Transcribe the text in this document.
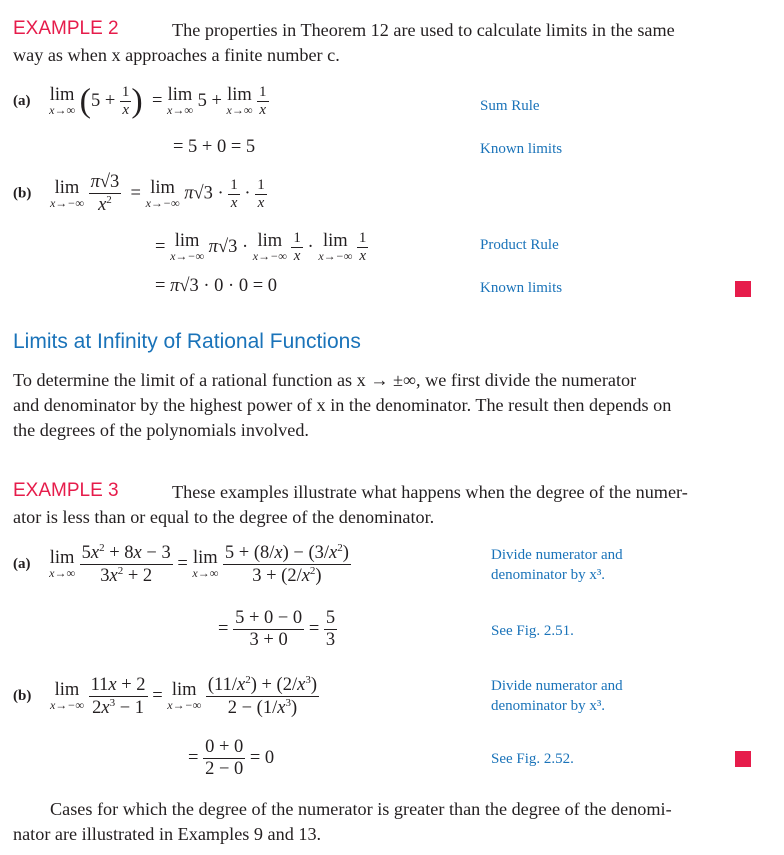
EXAMPLE 2	The properties in Theorem 12 are used to calculate limits in the same
way as when x approaches a finite number c.
(a) lim
x→∞ ($5 + \frac{1}{x}$ )  = lim
x→∞ 5 + lim
x→∞
$\frac{1}{x}$
= 5 + 0 = 5
(b) lim
x→−∞
$\frac{\pi√3}{x^2} = \lim$
x→−∞ $\pi√3 \cdot \frac{1}{x} \cdot \frac{1}{x}$
= lim
x→−∞ π√3 · lim
x→−∞
$\frac{1}{x} \cdot \lim$
x→−∞
$\frac{1}{x}$
= π√3 · 0 · 0 = 0
Sum Rule
Known limits
Product Rule
Known limits
Limits at Infinity of Rational Functions
To determine the limit of a rational function as x → ±∞, we first divide the numerator
and denominator by the highest power of x in the denominator. The result then depends on
the degrees of the polynomials involved.
EXAMPLE 3	These examples illustrate what happens when the degree of the numer-
ator is less than or equal to the degree of the denominator.
(a) lim
x→∞
$\frac{5x^2 + 8x - 3}{3x^2 + 2} = \lim$
x→∞
$\frac{5 + (8/x) - (3/x^2)}{3 + (2/x^2)}$
= $\frac{5 + 0 - 0}{3 + 0} = \frac{5}{3}$
(b) lim
x→−∞
$\frac{11x + 2}{2x^3 - 1} = \lim$
x→−∞
$\frac{(11/x^2) + (2/x^3)}{2 - (1/x^3)}$
= $\frac{0 + 0}{2 - 0} = 0$
Divide numerator and
denominator by x³.
See Fig. 2.51.
Divide numerator and
denominator by x³.
See Fig. 2.52.
Cases for which the degree of the numerator is greater than the degree of the denomi-
nator are illustrated in Examples 9 and 13.
